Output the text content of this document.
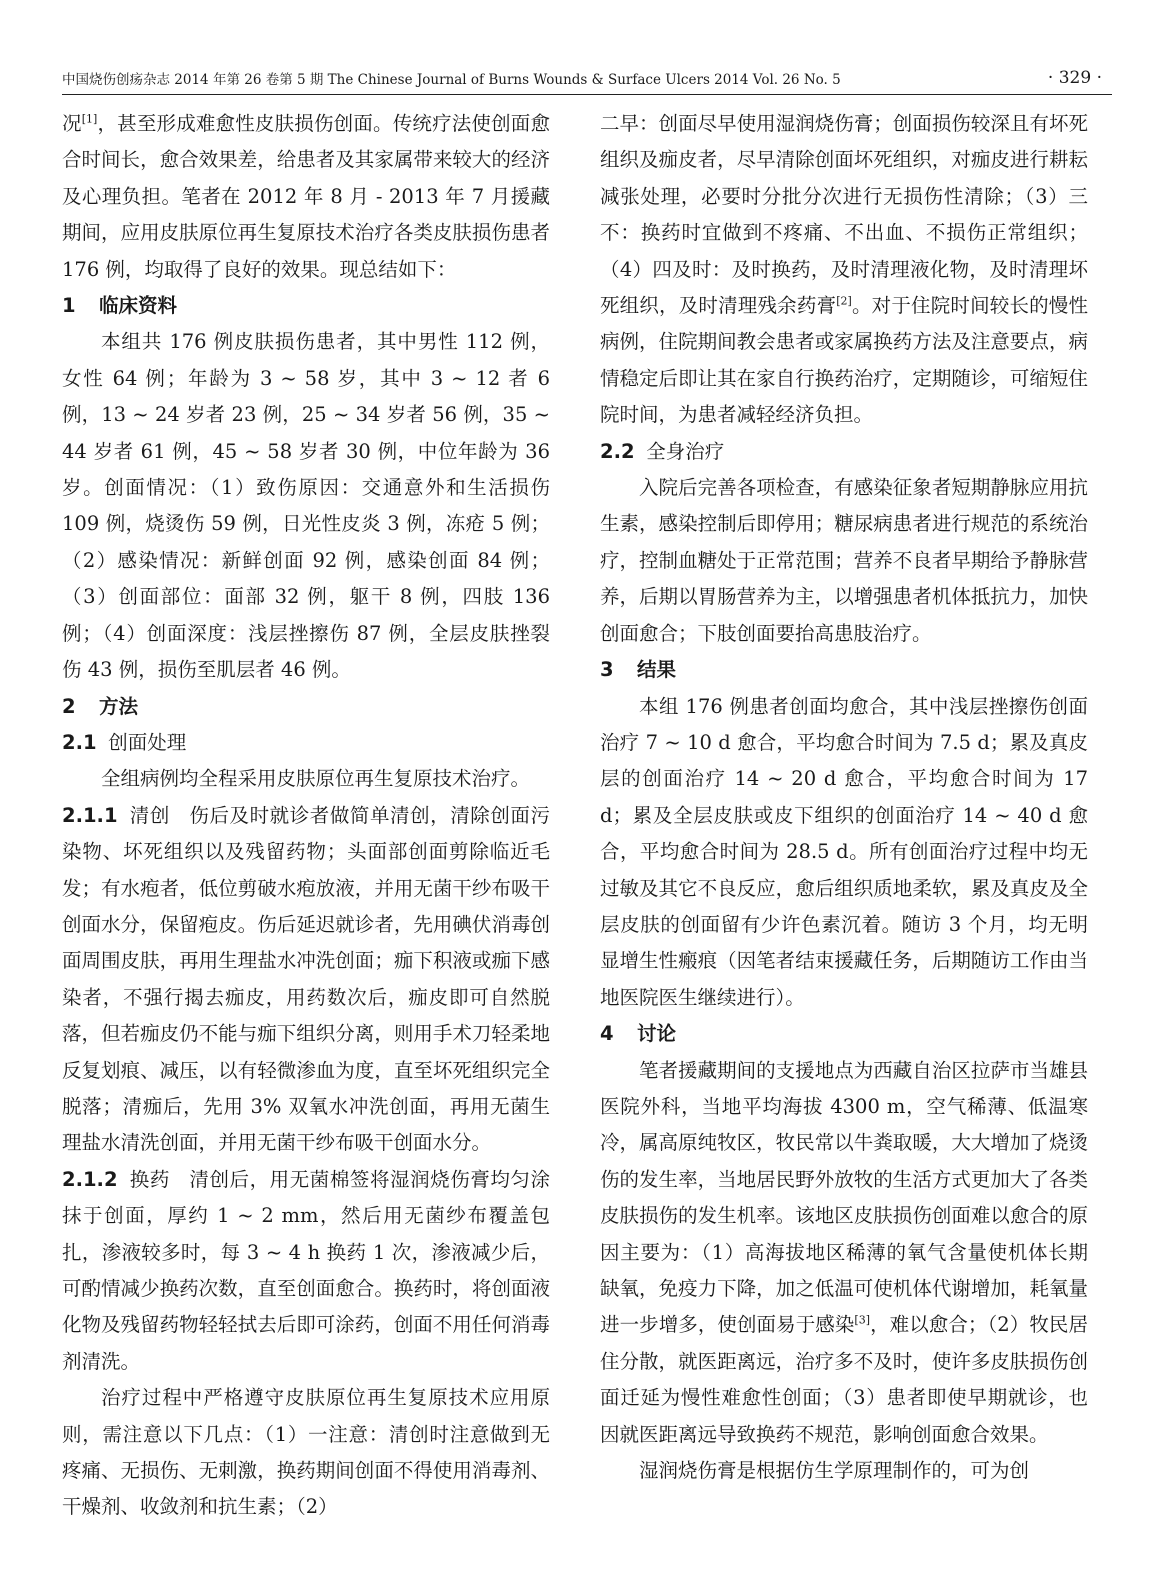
中国烧伤创疡杂志 2014 年第 26 卷第 5 期 The Chinese Journal of Burns Wounds & Surface Ulcers 2014 Vol. 26 No. 5	· 329 ·

况[1]，甚至形成难愈性皮肤损伤创面。传统疗法使创面愈合时间长，愈合效果差，给患者及其家属带来较大的经济及心理负担。笔者在 2012 年 8 月 - 2013 年 7 月援藏期间，应用皮肤原位再生复原技术治疗各类皮肤损伤患者 176 例，均取得了良好的效果。现总结如下：

1 临床资料

本组共 176 例皮肤损伤患者，其中男性 112 例，女性 64 例；年龄为 3 ~ 58 岁，其中 3 ~ 12 者 6 例，13 ~ 24 岁者 23 例，25 ~ 34 岁者 56 例，35 ~ 44 岁者 61 例，45 ~ 58 岁者 30 例，中位年龄为 36 岁。创面情况：（1）致伤原因：交通意外和生活损伤 109 例，烧烫伤 59 例，日光性皮炎 3 例，冻疮 5 例；（2）感染情况：新鲜创面 92 例，感染创面 84 例；（3）创面部位：面部 32 例，躯干 8 例，四肢 136 例；（4）创面深度：浅层挫擦伤 87 例，全层皮肤挫裂伤 43 例，损伤至肌层者 46 例。

2 方法
2.1 创面处理

全组病例均全程采用皮肤原位再生复原技术治疗。

2.1.1 清创 伤后及时就诊者做简单清创，清除创面污染物、坏死组织以及残留药物；头面部创面剪除临近毛发；有水疱者，低位剪破水疱放液，并用无菌干纱布吸干创面水分，保留疱皮。伤后延迟就诊者，先用碘伏消毒创面周围皮肤，再用生理盐水冲洗创面；痂下积液或痂下感染者，不强行揭去痂皮，用药数次后，痂皮即可自然脱落，但若痂皮仍不能与痂下组织分离，则用手术刀轻柔地反复划痕、减压，以有轻微渗血为度，直至坏死组织完全脱落；清痂后，先用 3% 双氧水冲洗创面，再用无菌生理盐水清洗创面，并用无菌干纱布吸干创面水分。

2.1.2 换药 清创后，用无菌棉签将湿润烧伤膏均匀涂抹于创面，厚约 1 ~ 2 mm，然后用无菌纱布覆盖包扎，渗液较多时，每 3 ~ 4 h 换药 1 次，渗液减少后，可酌情减少换药次数，直至创面愈合。换药时，将创面液化物及残留药物轻轻拭去后即可涂药，创面不用任何消毒剂清洗。

治疗过程中严格遵守皮肤原位再生复原技术应用原则，需注意以下几点：（1）一注意：清创时注意做到无疼痛、无损伤、无刺激，换药期间创面不得使用消毒剂、干燥剂、收敛剂和抗生素；（2）

二早：创面尽早使用湿润烧伤膏；创面损伤较深且有坏死组织及痂皮者，尽早清除创面坏死组织，对痂皮进行耕耘减张处理，必要时分批分次进行无损伤性清除；（3）三不：换药时宜做到不疼痛、不出血、不损伤正常组织；（4）四及时：及时换药，及时清理液化物，及时清理坏死组织，及时清理残余药膏[2]。对于住院时间较长的慢性病例，住院期间教会患者或家属换药方法及注意要点，病情稳定后即让其在家自行换药治疗，定期随诊，可缩短住院时间，为患者减轻经济负担。

2.2 全身治疗

入院后完善各项检查，有感染征象者短期静脉应用抗生素，感染控制后即停用；糖尿病患者进行规范的系统治疗，控制血糖处于正常范围；营养不良者早期给予静脉营养，后期以胃肠营养为主，以增强患者机体抵抗力，加快创面愈合；下肢创面要抬高患肢治疗。

3 结果

本组 176 例患者创面均愈合，其中浅层挫擦伤创面治疗 7 ~ 10 d 愈合，平均愈合时间为 7.5 d；累及真皮层的创面治疗 14 ~ 20 d 愈合，平均愈合时间为 17 d；累及全层皮肤或皮下组织的创面治疗 14 ~ 40 d 愈合，平均愈合时间为 28.5 d。所有创面治疗过程中均无过敏及其它不良反应，愈后组织质地柔软，累及真皮及全层皮肤的创面留有少许色素沉着。随访 3 个月，均无明显增生性瘢痕（因笔者结束援藏任务，后期随访工作由当地医院医生继续进行）。

4 讨论

笔者援藏期间的支援地点为西藏自治区拉萨市当雄县医院外科，当地平均海拔 4300 m，空气稀薄、低温寒冷，属高原纯牧区，牧民常以牛粪取暖，大大增加了烧烫伤的发生率，当地居民野外放牧的生活方式更加大了各类皮肤损伤的发生机率。该地区皮肤损伤创面难以愈合的原因主要为：（1）高海拔地区稀薄的氧气含量使机体长期缺氧，免疫力下降，加之低温可使机体代谢增加，耗氧量进一步增多，使创面易于感染[3]，难以愈合；（2）牧民居住分散，就医距离远，治疗多不及时，使许多皮肤损伤创面迁延为慢性难愈性创面；（3）患者即使早期就诊，也因就医距离远导致换药不规范，影响创面愈合效果。

湿润烧伤膏是根据仿生学原理制作的，可为创
